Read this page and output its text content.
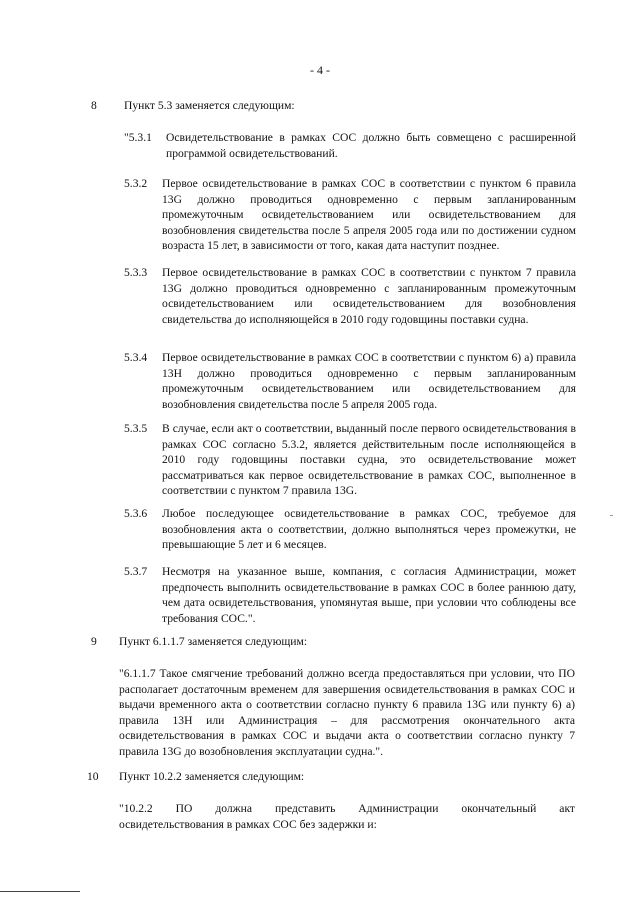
- 4 -
8 Пункт 5.3 заменяется следующим:
"5.3.1 Освидетельствование в рамках СОС должно быть совмещено с расширенной программой освидетельствований.
5.3.2 Первое освидетельствование в рамках СОС в соответствии с пунктом 6 правила 13G должно проводиться одновременно с первым запланированным промежуточным освидетельствованием или освидетельствованием для возобновления свидетельства после 5 апреля 2005 года или по достижении судном возраста 15 лет, в зависимости от того, какая дата наступит позднее.
5.3.3 Первое освидетельствование в рамках СОС в соответствии с пунктом 7 правила 13G должно проводиться одновременно с запланированным промежуточным освидетельствованием или освидетельствованием для возобновления свидетельства до исполняющейся в 2010 году годовщины поставки судна.
5.3.4 Первое освидетельствование в рамках СОС в соответствии с пунктом 6) а) правила 13H должно проводиться одновременно с первым запланированным промежуточным освидетельствованием или освидетельствованием для возобновления свидетельства после 5 апреля 2005 года.
5.3.5 В случае, если акт о соответствии, выданный после первого освидетельствования в рамках СОС согласно 5.3.2, является действительным после исполняющейся в 2010 году годовщины поставки судна, это освидетельствование может рассматриваться как первое освидетельствование в рамках СОС, выполненное в соответствии с пунктом 7 правила 13G.
5.3.6 Любое последующее освидетельствование в рамках СОС, требуемое для возобновления акта о соответствии, должно выполняться через промежутки, не превышающие 5 лет и 6 месяцев.
5.3.7 Несмотря на указанное выше, компания, с согласия Администрации, может предпочесть выполнить освидетельствование в рамках СОС в более раннюю дату, чем дата освидетельствования, упомянутая выше, при условии что соблюдены все требования СОС.".
9 Пункт 6.1.1.7 заменяется следующим:
"6.1.1.7 Такое смягчение требований должно всегда предоставляться при условии, что ПО располагает достаточным временем для завершения освидетельствования в рамках СОС и выдачи временного акта о соответствии согласно пункту 6 правила 13G или пункту 6) а) правила 13H или Администрация – для рассмотрения окончательного акта освидетельствования в рамках СОС и выдачи акта о соответствии согласно пункту 7 правила 13G до возобновления эксплуатации судна.".
10 Пункт 10.2.2 заменяется следующим:
"10.2.2   ПО   должна   представить   Администрации   окончательный   акт освидетельствования в рамках СОС без задержки и:
